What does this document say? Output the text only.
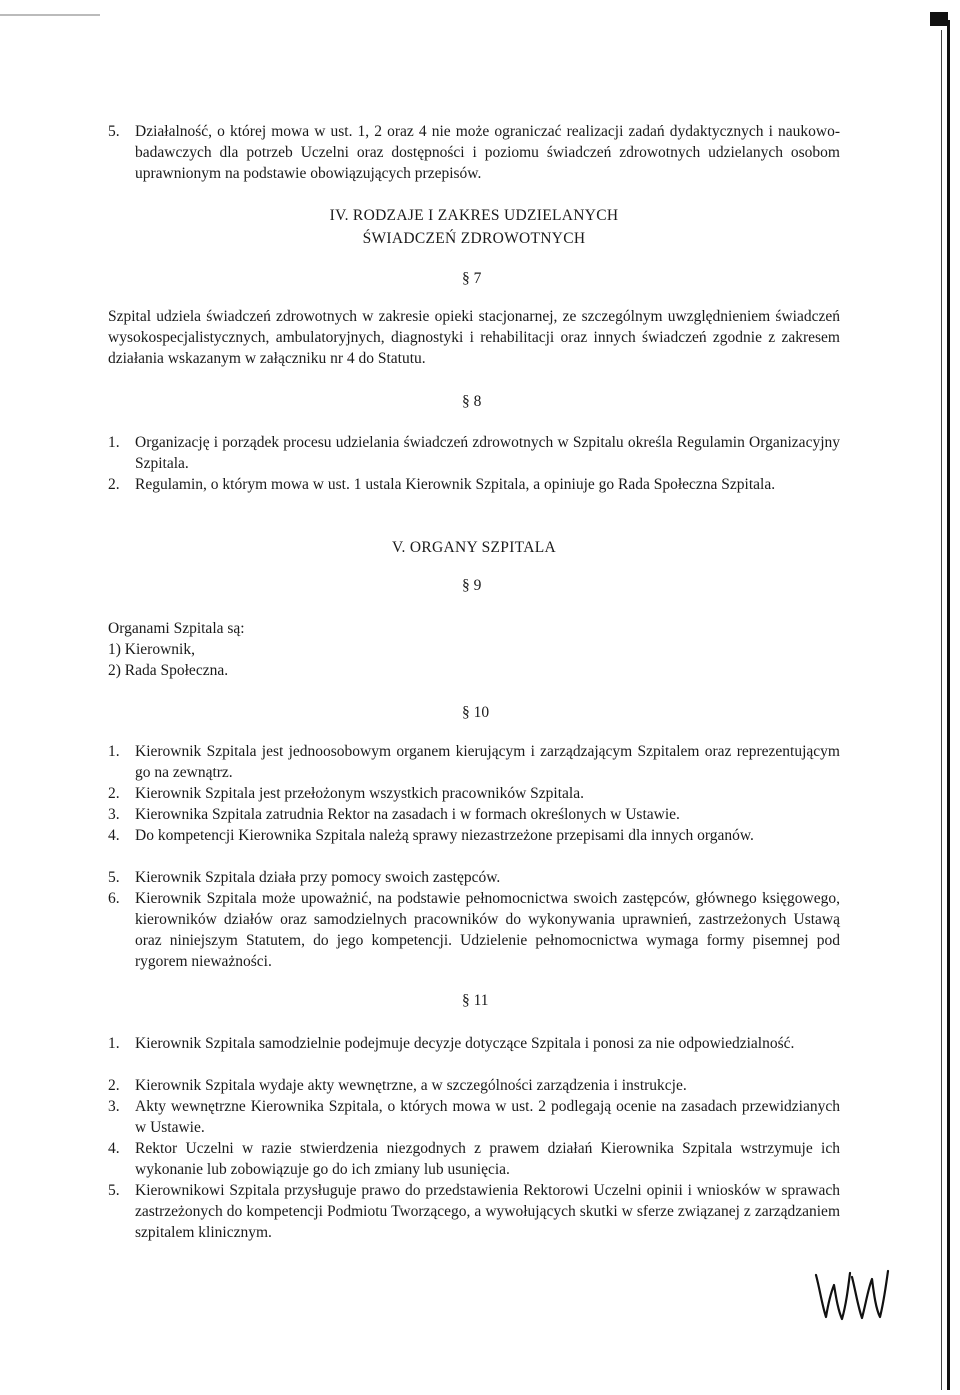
5. Działalność, o której mowa w ust. 1, 2 oraz 4 nie może ograniczać realizacji zadań dydaktycznych i naukowo-badawczych dla potrzeb Uczelni oraz dostępności i poziomu świadczeń zdrowotnych udzielanych osobom uprawnionym na podstawie obowiązujących przepisów.
IV. RODZAJE I ZAKRES UDZIELANYCH
ŚWIADCZEŃ ZDROWOTNYCH
§ 7
Szpital udziela świadczeń zdrowotnych w zakresie opieki stacjonarnej, ze szczególnym uwzględnieniem świadczeń wysokospecjalistycznych, ambulatoryjnych, diagnostyki i rehabilitacji oraz innych świadczeń zgodnie z zakresem działania wskazanym w załączniku nr 4 do Statutu.
§ 8
1. Organizację i porządek procesu udzielania świadczeń zdrowotnych w Szpitalu określa Regulamin Organizacyjny Szpitala.
2. Regulamin, o którym mowa w ust. 1 ustala Kierownik Szpitala, a opiniuje go Rada Społeczna Szpitala.
V. ORGANY SZPITALA
§ 9
Organami Szpitala są:
1) Kierownik,
2) Rada Społeczna.
§ 10
1. Kierownik Szpitala jest jednoosobowym organem kierującym i zarządzającym Szpitalem oraz reprezentującym go na zewnątrz.
2. Kierownik Szpitala jest przełożonym wszystkich pracowników Szpitala.
3. Kierownika Szpitala zatrudnia Rektor na zasadach i w formach określonych w Ustawie.
4. Do kompetencji Kierownika Szpitala należą sprawy niezastrzeżone przepisami dla innych organów.
5. Kierownik Szpitala działa przy pomocy swoich zastępców.
6. Kierownik Szpitala może upoważnić, na podstawie pełnomocnictwa swoich zastępców, głównego księgowego, kierowników działów oraz samodzielnych pracowników do wykonywania uprawnień, zastrzeżonych Ustawą oraz niniejszym Statutem, do jego kompetencji. Udzielenie pełnomocnictwa wymaga formy pisemnej pod rygorem nieważności.
§ 11
1. Kierownik Szpitala samodzielnie podejmuje decyzje dotyczące Szpitala i ponosi za nie odpowiedzialność.
2. Kierownik Szpitala wydaje akty wewnętrzne, a w szczególności zarządzenia i instrukcje.
3. Akty wewnętrzne Kierownika Szpitala, o których mowa w ust. 2 podlegają ocenie na zasadach przewidzianych w Ustawie.
4. Rektor Uczelni w razie stwierdzenia niezgodnych z prawem działań Kierownika Szpitala wstrzymuje ich wykonanie lub zobowiązuje go do ich zmiany lub usunięcia.
5. Kierownikowi Szpitala przysługuje prawo do przedstawienia Rektorowi Uczelni opinii i wniosków w sprawach zastrzeżonych do kompetencji Podmiotu Tworzącego, a wywołujących skutki w sferze związanej z zarządzaniem szpitalem klinicznym.
